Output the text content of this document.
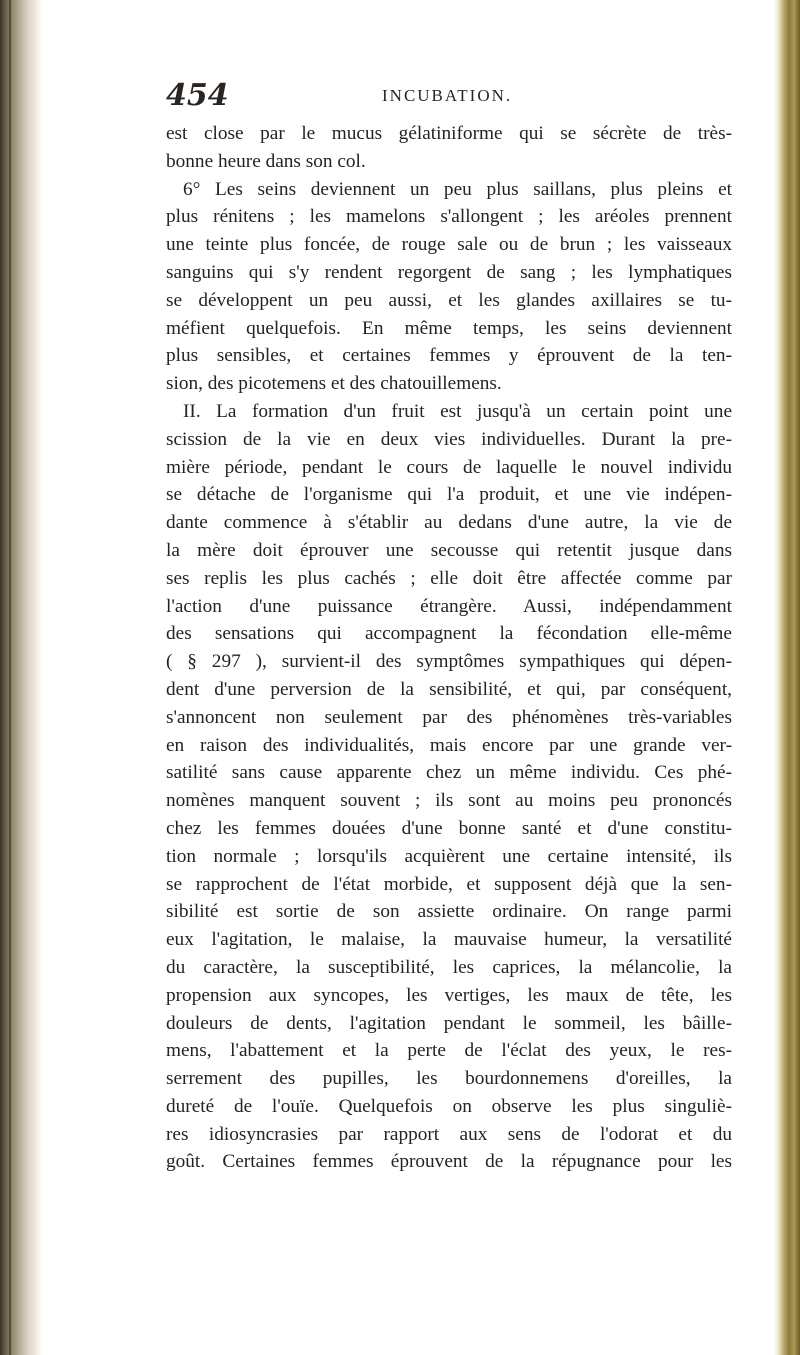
454	INCUBATION.
est close par le mucus gélatiniforme qui se sécrète de très-
bonne heure dans son col.
6° Les seins deviennent un peu plus saillans, plus pleins et
plus rénitens ; les mamelons s'allongent ; les aréoles prennent
une teinte plus foncée, de rouge sale ou de brun ; les vaisseaux
sanguins qui s'y rendent regorgent de sang ; les lymphatiques
se développent un peu aussi, et les glandes axillaires se tu-
méfient quelquefois. En même temps, les seins deviennent
plus sensibles, et certaines femmes y éprouvent de la ten-
sion, des picotemens et des chatouillemens.
II. La formation d'un fruit est jusqu'à un certain point une
scission de la vie en deux vies individuelles. Durant la pre-
mière période, pendant le cours de laquelle le nouvel individu
se détache de l'organisme qui l'a produit, et une vie indépen-
dante commence à s'établir au dedans d'une autre, la vie de
la mère doit éprouver une secousse qui retentit jusque dans
ses replis les plus cachés ; elle doit être affectée comme par
l'action d'une puissance étrangère. Aussi, indépendamment
des sensations qui accompagnent la fécondation elle-même
( § 297 ), survient-il des symptômes sympathiques qui dépen-
dent d'une perversion de la sensibilité, et qui, par conséquent,
s'annoncent non seulement par des phénomènes très-variables
en raison des individualités, mais encore par une grande ver-
satilité sans cause apparente chez un même individu. Ces phé-
nomènes manquent souvent ; ils sont au moins peu prononcés
chez les femmes douées d'une bonne santé et d'une constitu-
tion normale ; lorsqu'ils acquièrent une certaine intensité, ils
se rapprochent de l'état morbide, et supposent déjà que la sen-
sibilité est sortie de son assiette ordinaire. On range parmi
eux l'agitation, le malaise, la mauvaise humeur, la versatilité
du caractère, la susceptibilité, les caprices, la mélancolie, la
propension aux syncopes, les vertiges, les maux de tête, les
douleurs de dents, l'agitation pendant le sommeil, les bâille-
mens, l'abattement et la perte de l'éclat des yeux, le res-
serrement des pupilles, les bourdonnemens d'oreilles, la
dureté de l'ouïe. Quelquefois on observe les plus singuliè-
res idiosyncrasies par rapport aux sens de l'odorat et du
goût. Certaines femmes éprouvent de la répugnance pour les
